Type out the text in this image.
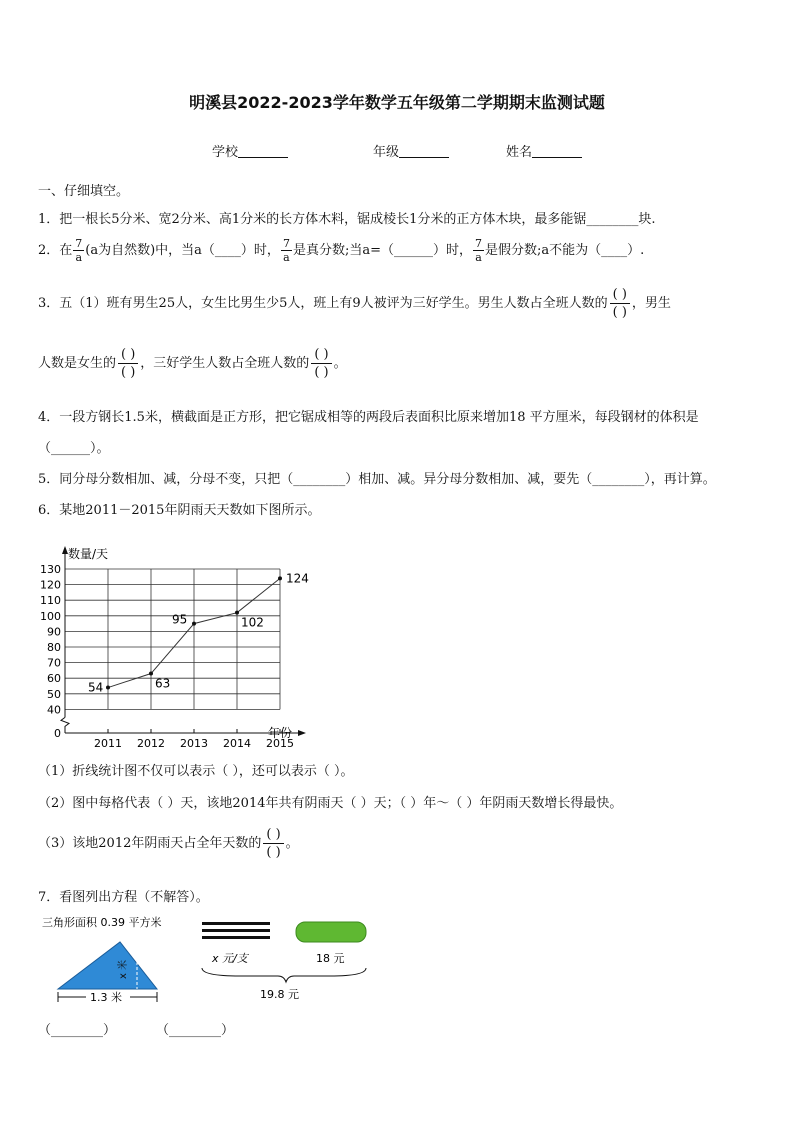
明溪县2022-2023学年数学五年级第二学期期末监测试题
学校	年级	姓名
一、仔细填空。
1．把一根长5分米、宽2分米、高1分米的长方体木料，锯成棱长1分米的正方体木块，最多能锯________块.
2．在 $\frac{7}{a} (a$为自然数)中，当a（____）时， $\frac{7}{a}$ 是真分数;当a=（______）时， $\frac{7}{a}$ 是假分数;a不能为（____）.
3．五（1）班有男生25人，女生比男生少5人，班上有9人被评为三好学生。男生人数占全班人数的
( )
( )
，男生
人数是女生的
( )
( )
，三好学生人数占全班人数的
( )
( )
。
4．一段方钢长1.5米，横截面是正方形，把它锯成相等的两段后表面积比原来增加18 平方厘米，每段钢材的体积是
（______）。
5．同分母分数相加、减，分母不变，只把（________）相加、减。异分母分数相加、减，要先（________），再计算。
6．某地2011－2015年阴雨天天数如下图所示。
0
40
50
60
70
80
90
100
110
120
130
2011 2012 2013 2014 2015
54	63
95	102
124
数量/天
年份
（1）折线统计图不仅可以表示（ ），还可以表示（ ）。
（2）图中每格代表（ ）天，该地2014年共有阴雨天（ ）天；（ ）年～（ ）年阴雨天数增长得最快。
（3）该地2012年阴雨天占全年天数的
( )
( )
。
7．看图列出方程（不解答）。
三角形面积 0.39 平方米
x 米
1.3 米
x 元/支	18 元
19.8 元
（________）	（________）
